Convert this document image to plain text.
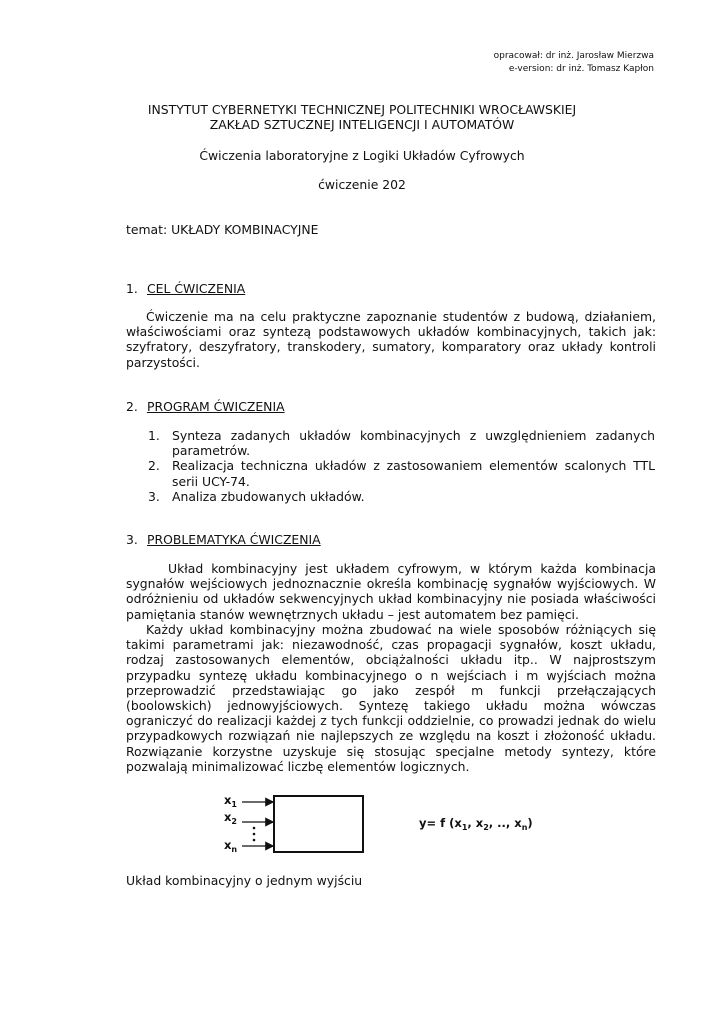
opracował: dr inż. Jarosław Mierzwa
e-version: dr inż. Tomasz Kapłon
INSTYTUT CYBERNETYKI TECHNICZNEJ POLITECHNIKI WROCŁAWSKIEJ
ZAKŁAD SZTUCZNEJ INTELIGENCJI I AUTOMATÓW
Ćwiczenia laboratoryjne z Logiki Układów Cyfrowych
ćwiczenie 202
temat: UKŁADY KOMBINACYJNE
1. CEL ĆWICZENIA

Ćwiczenie ma na celu praktyczne zapoznanie studentów z budową, działaniem, właściwościami oraz syntezą podstawowych układów kombinacyjnych, takich jak: szyfratory, deszyfratory, transkodery, sumatory, komparatory oraz układy kontroli parzystości.

2. PROGRAM ĆWICZENIA
1. Synteza zadanych układów kombinacyjnych z uwzględnieniem zadanych parametrów.
2. Realizacja techniczna układów z zastosowaniem elementów scalonych TTL serii UCY-74.
3. Analiza zbudowanych układów.
3. PROBLEMATYKA ĆWICZENIA

Układ kombinacyjny jest układem cyfrowym, w którym każda kombinacja sygnałów wejściowych jednoznacznie określa kombinację sygnałów wyjściowych. W odróżnieniu od układów sekwencyjnych układ kombinacyjny nie posiada właściwości pamiętania stanów wewnętrznych układu – jest automatem bez pamięci.

Każdy układ kombinacyjny można zbudować na wiele sposobów różniących się takimi parametrami jak: niezawodność, czas propagacji sygnałów, koszt układu, rodzaj zastosowanych elementów, obciążalności układu itp.. W najprostszym przypadku syntezę układu kombinacyjnego o n wejściach i m wyjściach można przeprowadzić przedstawiając go jako zespół m funkcji przełączających (boolowskich) jednowyjściowych. Syntezę takiego układu można wówczas ograniczyć do realizacji każdej z tych funkcji oddzielnie, co prowadzi jednak do wielu przypadkowych rozwiązań nie najlepszych ze względu na koszt i złożoność układu. Rozwiązanie korzystne uzyskuje się stosując specjalne metody syntezy, które pozwalają minimalizować liczbę elementów logicznych.

$x_1$
$x_2$
$x_n$
y= f ($x_1$, $x_2$, .., $x_n$)
Układ kombinacyjny o jednym wyjściu
